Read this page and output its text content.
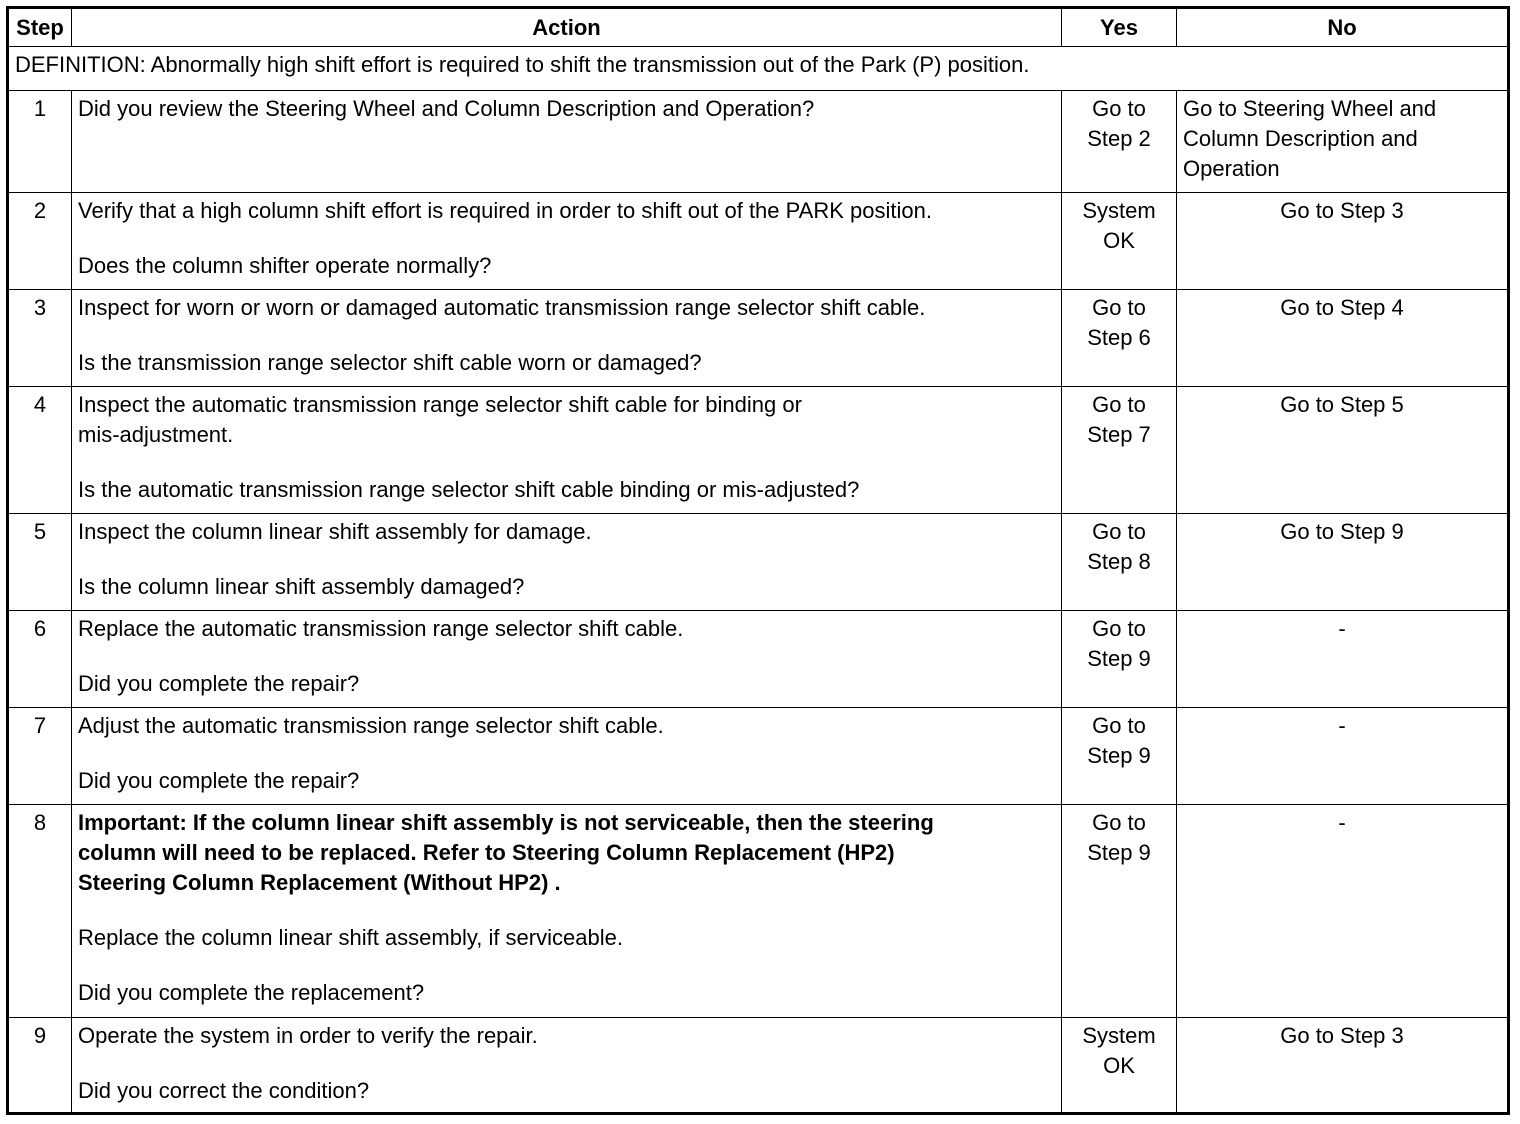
Step	Action	Yes	No
DEFINITION: Abnormally high shift effort is required to shift the transmission out of the Park (P) position.			
1	Did you review the Steering Wheel and Column Description and Operation?	Go to
Step 2	Go to Steering Wheel and
Column Description and
Operation

2	Verify that a high column shift effort is required in order to shift out of the PARK position.
Does the column shifter operate normally?	System
OK	Go to Step 3

3	Inspect for worn or worn or damaged automatic transmission range selector shift cable.
Is the transmission range selector shift cable worn or damaged?	Go to
Step 6	Go to Step 4

4	Inspect the automatic transmission range selector shift cable for binding or
mis-adjustment.
Is the automatic transmission range selector shift cable binding or mis-adjusted?	Go to
Step 7	Go to Step 5

5	Inspect the column linear shift assembly for damage.
Is the column linear shift assembly damaged?	Go to
Step 8	Go to Step 9

6	Replace the automatic transmission range selector shift cable.
Did you complete the repair?	Go to
Step 9	-

7	Adjust the automatic transmission range selector shift cable.
Did you complete the repair?	Go to
Step 9	-

8	Important: If the column linear shift assembly is not serviceable, then the steering
column will need to be replaced. Refer to Steering Column Replacement (HP2)
Steering Column Replacement (Without HP2) .
Replace the column linear shift assembly, if serviceable.
Did you complete the replacement?	Go to
Step 9	-

9	Operate the system in order to verify the repair.
Did you correct the condition?	System
OK	Go to Step 3
